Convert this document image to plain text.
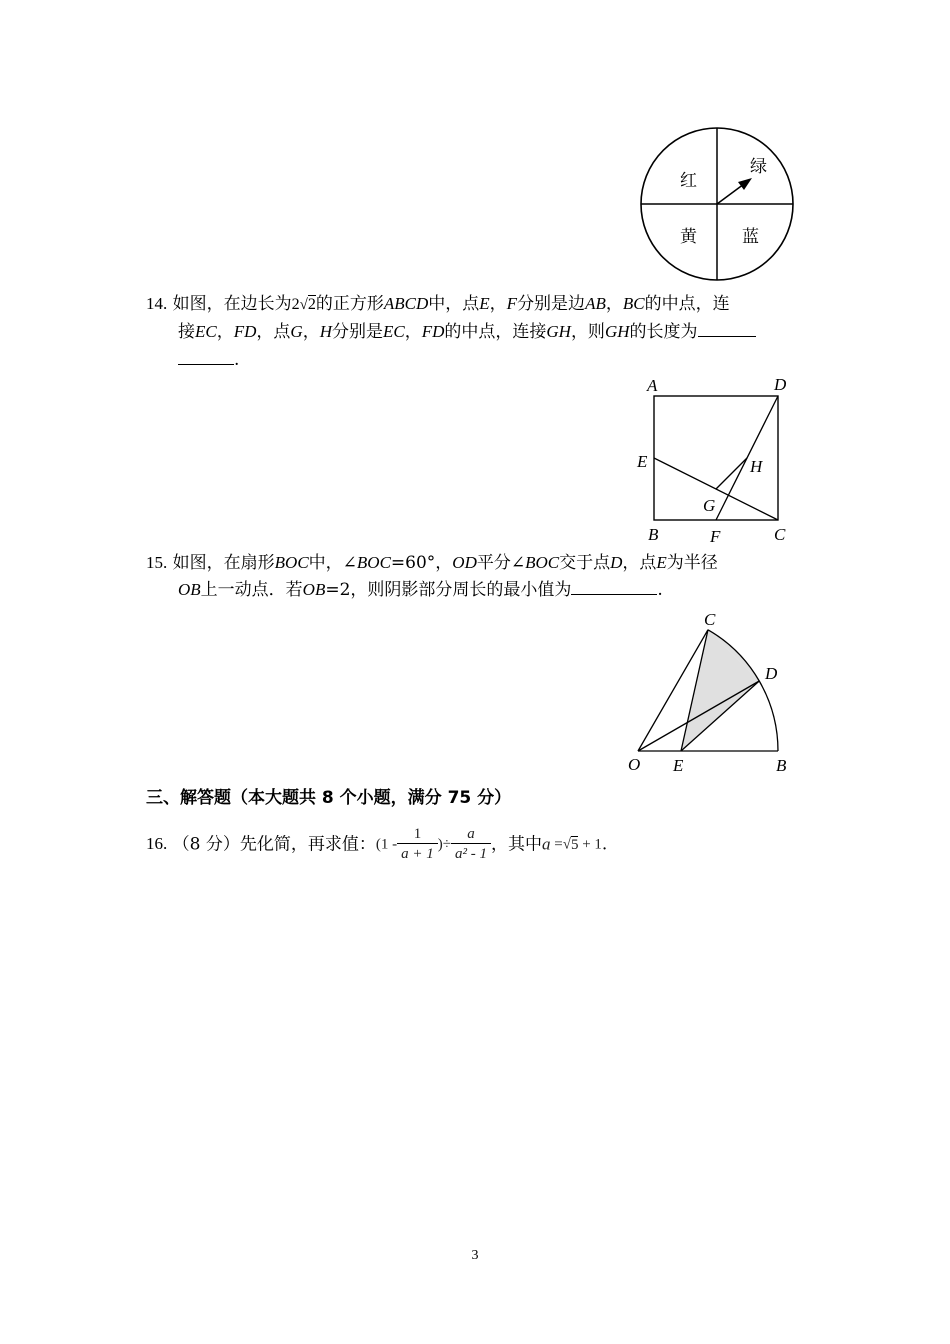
红
绿
黄	蓝
14. 如图，在边长为2√2的正方形ABCD中，点E，F分别是边AB，BC的中点，连
接EC，FD，点G，H分别是EC，FD的中点，连接GH，则GH的长度为
.
A	D
E	H
G
B	F	C
15. 如图，在扇形BOC中，∠BOC=60°，OD平分∠BOC交于点D，点E为半径
OB上一动点．若OB=2，则阴影部分周长的最小值为	.
C
D
O E	B
三、解答题（本大题共 8 个小题，满分 75 分）
16. （8 分）先化简，再求值：($1 - \frac{1}{a + 1}$ )÷ $\frac{a}{\text{a² - 1}}$ ，其中a =√5 + 1.
3
